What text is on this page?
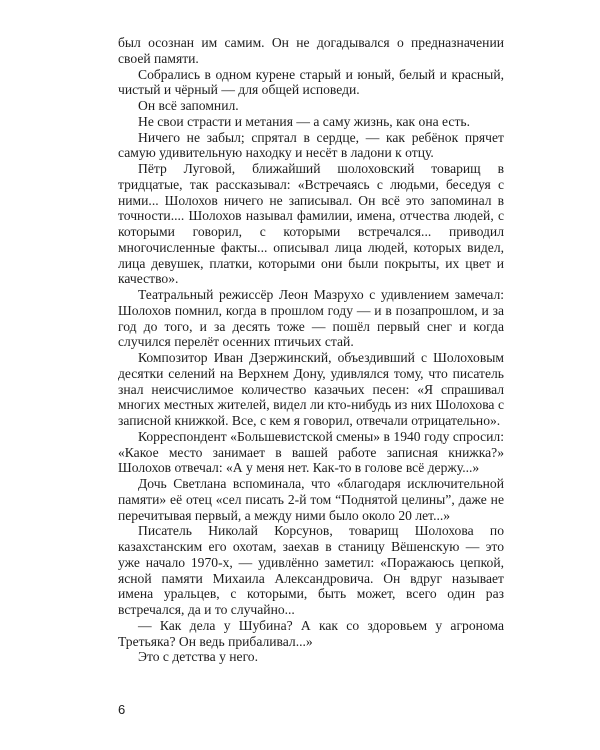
был осознан им самим. Он не догадывался о предназначении своей памяти.

Собрались в одном курене старый и юный, белый и красный, чистый и чёрный — для общей исповеди.

Он всё запомнил.

Не свои страсти и метания — а саму жизнь, как она есть.

Ничего не забыл; спрятал в сердце, — как ребёнок прячет самую удивительную находку и несёт в ладони к отцу.

Пётр Луговой, ближайший шолоховский товарищ в тридцатые, так рассказывал: «Встречаясь с людьми, беседуя с ними... Шолохов ничего не записывал. Он всё это запоминал в точности.... Шолохов называл фамилии, имена, отчества людей, с которыми говорил, с которыми встречался... приводил многочисленные факты... описывал лица людей, которых видел, лица девушек, платки, которыми они были покрыты, их цвет и качество».

Театральный режиссёр Леон Мазрухо с удивлением замечал: Шолохов помнил, когда в прошлом году — и в позапрошлом, и за год до того, и за десять тоже — пошёл первый снег и когда случился перелёт осенних птичьих стай.

Композитор Иван Дзержинский, объездивший с Шолоховым десятки селений на Верхнем Дону, удивлялся тому, что писатель знал неисчислимое количество казачьих песен: «Я спрашивал многих местных жителей, видел ли кто-нибудь из них Шолохова с записной книжкой. Все, с кем я говорил, отвечали отрицательно».

Корреспондент «Большевистской смены» в 1940 году спросил: «Какое место занимает в вашей работе записная книжка?» Шолохов отвечал: «А у меня нет. Как-то в голове всё держу...»

Дочь Светлана вспоминала, что «благодаря исключительной памяти» её отец «сел писать 2-й том “Поднятой целины”, даже не перечитывая первый, а между ними было около 20 лет...»

Писатель Николай Корсунов, товарищ Шолохова по казахстанским его охотам, заехав в станицу Вёшенскую — это уже начало 1970-х, — удивлённо заметил: «Поражаюсь цепкой, ясной памяти Михаила Александровича. Он вдруг называет имена уральцев, с которыми, быть может, всего один раз встречался, да и то случайно...

— Как дела у Шубина? А как со здоровьем у агронома Третьяка? Он ведь прибаливал...»

Это с детства у него.

6
